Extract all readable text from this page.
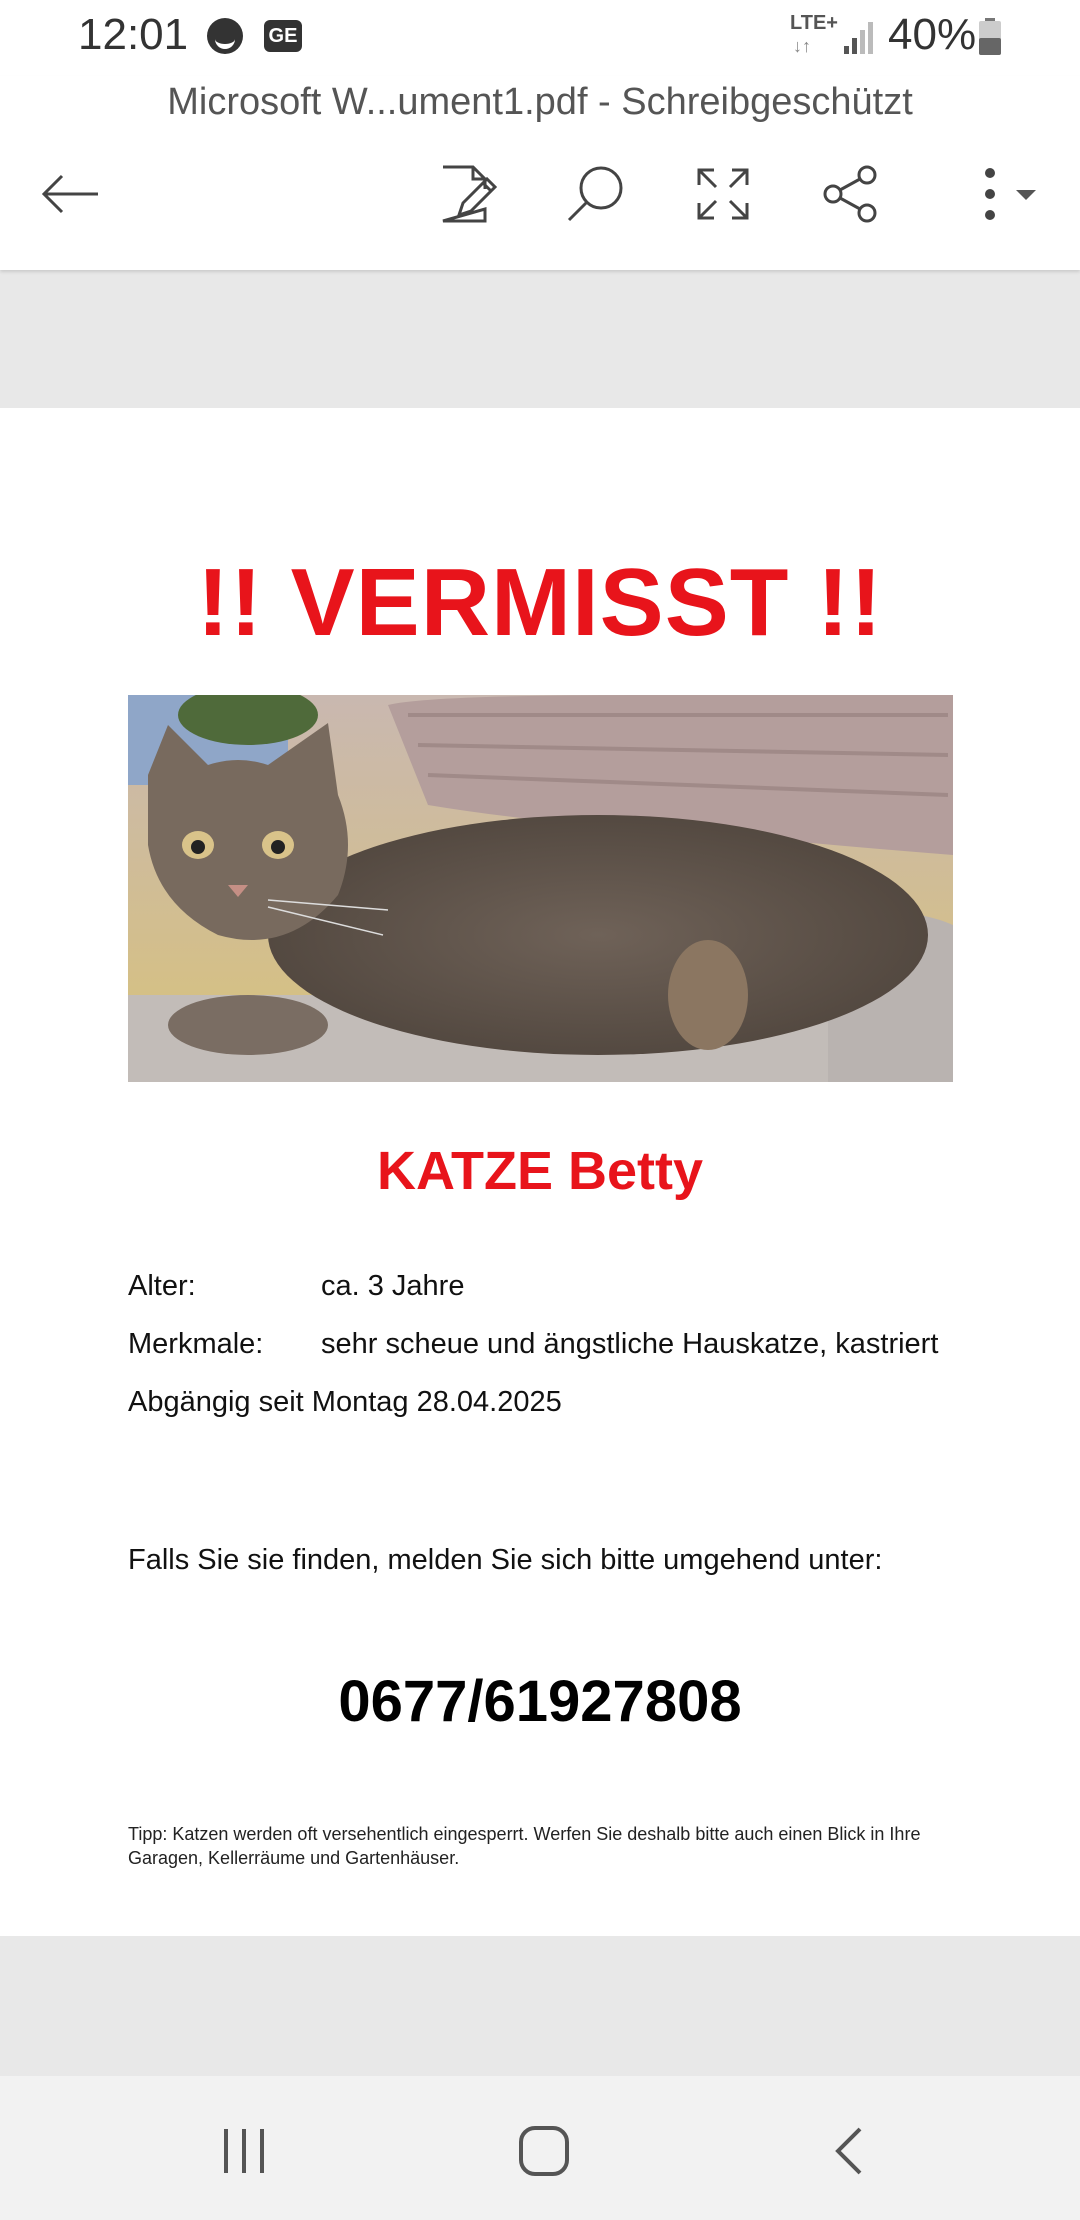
12:01	GE
LTE+
↓↑ 40%
Microsoft W...ument1.pdf - Schreibgeschützt
!! VERMISST !!
KATZE Betty
Alter:	ca. 3 Jahre
Merkmale: sehr scheue und ängstliche Hauskatze, kastriert
Abgängig seit Montag 28.04.2025
Falls Sie sie finden, melden Sie sich bitte umgehend unter:
0677/61927808
Tipp: Katzen werden oft versehentlich eingesperrt. Werfen Sie deshalb bitte auch einen Blick in Ihre Garagen, Kellerräume und Gartenhäuser.
